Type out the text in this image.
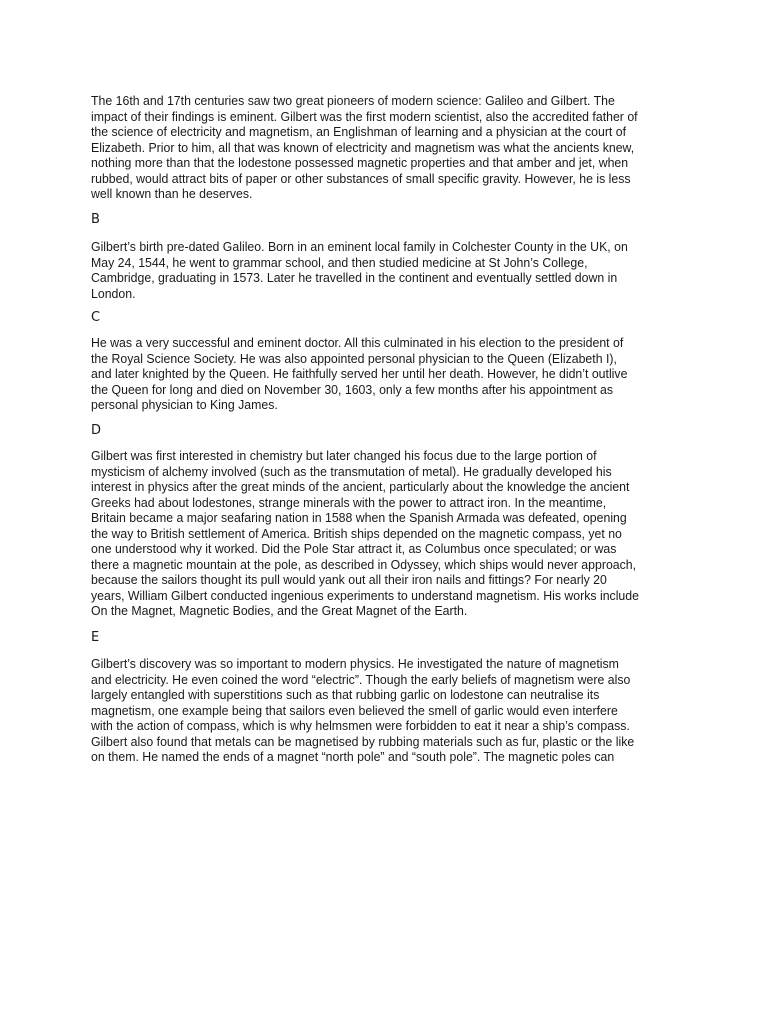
The 16th and 17th centuries saw two great pioneers of modern science: Galileo and Gilbert. The
impact of their findings is eminent. Gilbert was the first modern scientist, also the accredited father of
the science of electricity and magnetism, an Englishman of learning and a physician at the court of
Elizabeth. Prior to him, all that was known of electricity and magnetism was what the ancients knew,
nothing more than that the lodestone possessed magnetic properties and that amber and jet, when
rubbed, would attract bits of paper or other substances of small specific gravity. However, he is less
well known than he deserves.

B

Gilbert’s birth pre-dated Galileo. Born in an eminent local family in Colchester County in the UK, on
May 24, 1544, he went to grammar school, and then studied medicine at St John’s College,
Cambridge, graduating in 1573. Later he travelled in the continent and eventually settled down in
London.

C

He was a very successful and eminent doctor. All this culminated in his election to the president of
the Royal Science Society. He was also appointed personal physician to the Queen (Elizabeth I),
and later knighted by the Queen. He faithfully served her until her death. However, he didn’t outlive
the Queen for long and died on November 30, 1603, only a few months after his appointment as
personal physician to King James.

D

Gilbert was first interested in chemistry but later changed his focus due to the large portion of
mysticism of alchemy involved (such as the transmutation of metal). He gradually developed his
interest in physics after the great minds of the ancient, particularly about the knowledge the ancient
Greeks had about lodestones, strange minerals with the power to attract iron. In the meantime,
Britain became a major seafaring nation in 1588 when the Spanish Armada was defeated, opening
the way to British settlement of America. British ships depended on the magnetic compass, yet no
one understood why it worked. Did the Pole Star attract it, as Columbus once speculated; or was
there a magnetic mountain at the pole, as described in Odyssey, which ships would never approach,
because the sailors thought its pull would yank out all their iron nails and fittings? For nearly 20
years, William Gilbert conducted ingenious experiments to understand magnetism. His works include
On the Magnet, Magnetic Bodies, and the Great Magnet of the Earth.

E

Gilbert’s discovery was so important to modern physics. He investigated the nature of magnetism
and electricity. He even coined the word “electric”. Though the early beliefs of magnetism were also
largely entangled with superstitions such as that rubbing garlic on lodestone can neutralise its
magnetism, one example being that sailors even believed the smell of garlic would even interfere
with the action of compass, which is why helmsmen were forbidden to eat it near a ship’s compass.
Gilbert also found that metals can be magnetised by rubbing materials such as fur, plastic or the like
on them. He named the ends of a magnet “north pole” and “south pole”. The magnetic poles can
